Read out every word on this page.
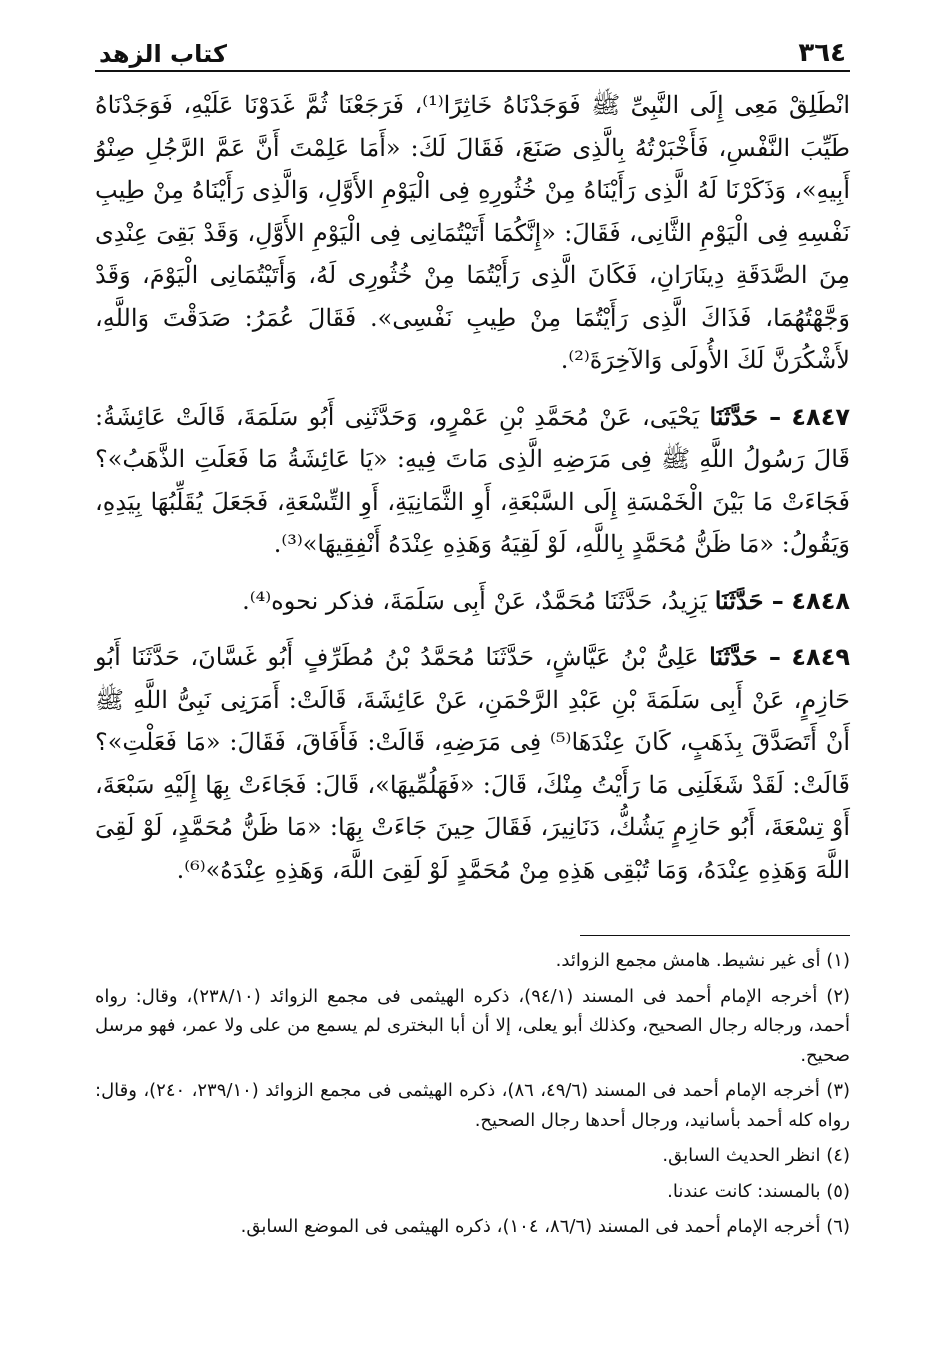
٣٦٤
كتاب الزهد

انْطَلِقْ مَعِى إِلَى النَّبِىِّ ﷺ فَوَجَدْنَاهُ خَاثِرًا⁽¹⁾، فَرَجَعْنَا ثُمَّ غَدَوْنَا عَلَيْهِ، فَوَجَدْنَاهُ طَيِّبَ النَّفْسِ، فَأَخْبَرْتُهُ بِالَّذِى صَنَعَ، فَقَالَ لَكَ: «أَمَا عَلِمْتَ أَنَّ عَمَّ الرَّجُلِ صِنْوُ أَبِيهِ»، وَذَكَرْنَا لَهُ الَّذِى رَأَيْنَاهُ مِنْ خُثُورِهِ فِى الْيَوْمِ الأَوَّلِ، وَالَّذِى رَأَيْنَاهُ مِنْ طِيبِ نَفْسِهِ فِى الْيَوْمِ الثَّانِى، فَقَالَ: «إِنَّكُمَا أَتَيْتُمَانِى فِى الْيَوْمِ الأَوَّلِ، وَقَدْ بَقِىَ عِنْدِى مِنَ الصَّدَقَةِ دِينَارَانِ، فَكَانَ الَّذِى رَأَيْتُمَا مِنْ خُثُورِى لَهُ، وَأَتَيْتُمَانِى الْيَوْمَ، وَقَدْ وَجَّهْتُهُمَا، فَذَاكَ الَّذِى رَأَيْتُمَا مِنْ طِيبِ نَفْسِى». فَقَالَ عُمَرُ: صَدَقْتَ وَاللَّهِ، لأَشْكُرَنَّ لَكَ الأُولَى وَالآخِرَةَ⁽²⁾.

٤٨٤٧ – حَدَّثَنَا يَحْيَى، عَنْ مُحَمَّدِ بْنِ عَمْرٍو، وَحَدَّثَنِى أَبُو سَلَمَةَ، قَالَتْ عَائِشَةُ: قَالَ رَسُولُ اللَّهِ ﷺ فِى مَرَضِهِ الَّذِى مَاتَ فِيهِ: «يَا عَائِشَةُ مَا فَعَلَتِ الذَّهَبُ»؟ فَجَاءَتْ مَا بَيْنَ الْخَمْسَةِ إِلَى السَّبْعَةِ، أَوِ الثَّمَانِيَةِ، أَوِ التِّسْعَةِ، فَجَعَلَ يُقَلِّبُهَا بِيَدِهِ، وَيَقُولُ: «مَا ظَنُّ مُحَمَّدٍ بِاللَّهِ، لَوْ لَقِيَهُ وَهَذِهِ عِنْدَهُ أَنْفِقِيهَا»⁽³⁾.

٤٨٤٨ – حَدَّثَنَا يَزِيدُ، حَدَّثَنَا مُحَمَّدٌ، عَنْ أَبِى سَلَمَةَ، فذكر نحوه⁽⁴⁾.

٤٨٤٩ – حَدَّثَنَا عَلِىُّ بْنُ عَيَّاشٍ، حَدَّثَنَا مُحَمَّدُ بْنُ مُطَرِّفٍ أَبُو غَسَّانَ، حَدَّثَنَا أَبُو حَازِمٍ، عَنْ أَبِى سَلَمَةَ بْنِ عَبْدِ الرَّحْمَنِ، عَنْ عَائِشَةَ، قَالَتْ: أَمَرَنِى نَبِىُّ اللَّهِ ﷺ أَنْ أَتَصَدَّقَ بِذَهَبٍ، كَانَ عِنْدَهَا⁽⁵⁾ فِى مَرَضِهِ، قَالَتْ: فَأَفَاقَ، فَقَالَ: «مَا فَعَلْتِ»؟ قَالَتْ: لَقَدْ شَغَلَنِى مَا رَأَيْتُ مِنْكَ، قَالَ: «فَهَلُمِّيهَا»، قَالَ: فَجَاءَتْ بِهَا إِلَيْهِ سَبْعَةَ، أَوْ تِسْعَةَ، أَبُو حَازِمٍ يَشُكُّ، دَنَانِيرَ، فَقَالَ حِينَ جَاءَتْ بِهَا: «مَا ظَنُّ مُحَمَّدٍ، لَوْ لَقِىَ اللَّهَ وَهَذِهِ عِنْدَهُ، وَمَا تُبْقِى هَذِهِ مِنْ مُحَمَّدٍ لَوْ لَقِىَ اللَّهَ، وَهَذِهِ عِنْدَهُ»⁽⁶⁾.

(١) أى غير نشيط. هامش مجمع الزوائد.

(٢) أخرجه الإمام أحمد فى المسند (٩٤/١)، ذكره الهيثمى فى مجمع الزوائد (٢٣٨/١٠)، وقال: رواه أحمد، ورجاله رجال الصحيح، وكذلك أبو يعلى، إلا أن أبا البخترى لم يسمع من على ولا عمر، فهو مرسل صحيح.

(٣) أخرجه الإمام أحمد فى المسند (٤٩/٦، ٨٦)، ذكره الهيثمى فى مجمع الزوائد (٢٣٩/١٠، ٢٤٠)، وقال: رواه كله أحمد بأسانيد، ورجال أحدها رجال الصحيح.

(٤) انظر الحديث السابق.

(٥) بالمسند: كانت عندنا.

(٦) أخرجه الإمام أحمد فى المسند (٨٦/٦، ١٠٤)، ذكره الهيثمى فى الموضع السابق.
